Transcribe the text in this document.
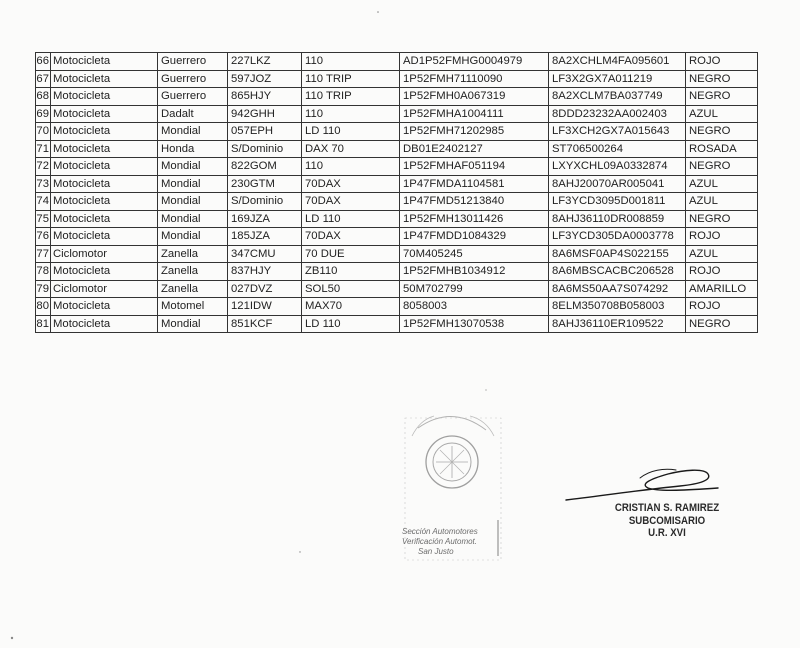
66	Motocicleta	Guerrero	227LKZ	110	AD1P52FMHG0004979	8A2XCHLM4FA095601	ROJO
67	Motocicleta	Guerrero	597JOZ	110 TRIP	1P52FMH71110090	LF3X2GX7A011219	NEGRO
68	Motocicleta	Guerrero	865HJY	110 TRIP	1P52FMH0A067319	8A2XCLM7BA037749	NEGRO
69	Motocicleta	Dadalt	942GHH	110	1P52FMHA1004111	8DDD23232AA002403	AZUL
70	Motocicleta	Mondial	057EPH	LD 110	1P52FMH71202985	LF3XCH2GX7A015643	NEGRO
71	Motocicleta	Honda	S/Dominio	DAX 70	DB01E2402127	ST706500264	ROSADA
72	Motocicleta	Mondial	822GOM	110	1P52FMHAF051194	LXYXCHL09A0332874	NEGRO
73	Motocicleta	Mondial	230GTM	70DAX	1P47FMDA1104581	8AHJ20070AR005041	AZUL
74	Motocicleta	Mondial	S/Dominio	70DAX	1P47FMD51213840	LF3YCD3095D001811	AZUL
75	Motocicleta	Mondial	169JZA	LD 110	1P52FMH13011426	8AHJ36110DR008859	NEGRO
76	Motocicleta	Mondial	185JZA	70DAX	1P47FMDD1084329	LF3YCD305DA0003778	ROJO
77	Ciclomotor	Zanella	347CMU	70 DUE	70M405245	8A6MSF0AP4S022155	AZUL
78	Motocicleta	Zanella	837HJY	ZB110	1P52FMHB1034912	8A6MBSCACBC206528	ROJO
79	Ciclomotor	Zanella	027DVZ	SOL50	50M702799	8A6MS50AA7S074292	AMARILLO
80	Motocicleta	Motomel	121IDW	MAX70	8058003	8ELM350708B058003	ROJO
81	Motocicleta	Mondial	851KCF	LD 110	1P52FMH13070538	8AHJ36110ER109522	NEGRO
Sección Automotores
Verificación Automot.
San Justo
CRISTIAN S. RAMIREZ
SUBCOMISARIO
U.R. XVI
